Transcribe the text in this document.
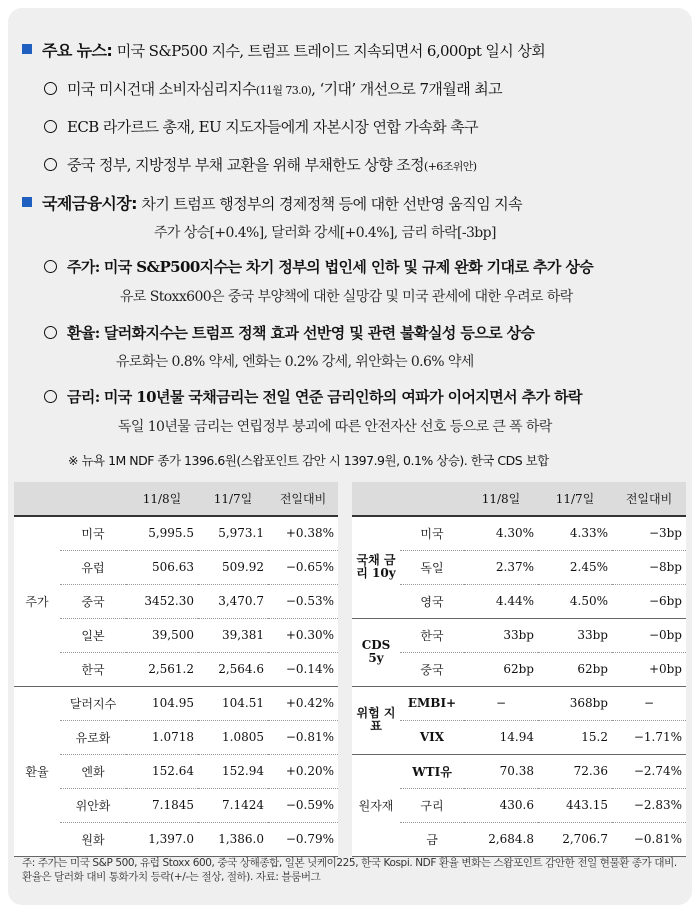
주요 뉴스: 미국 S&P500 지수, 트럼프 트레이드 지속되면서 6,000pt 일시 상회
미국 미시건대 소비자심리지수(11월 73.0), ‘기대’ 개선으로 7개월래 최고
ECB 라가르드 총재, EU 지도자들에게 자본시장 연합 가속화 촉구
중국 정부, 지방정부 부채 교환을 위해 부채한도 상향 조정(+6조위안)
국제금융시장: 차기 트럼프 행정부의 경제정책 등에 대한 선반영 움직임 지속
주가 상승[+0.4%], 달러화 강세[+0.4%], 금리 하락[-3bp]
주가: 미국 S&P500지수는 차기 정부의 법인세 인하 및 규제 완화 기대로 추가 상승
유로 Stoxx600은 중국 부양책에 대한 실망감 및 미국 관세에 대한 우려로 하락
환율: 달러화지수는 트럼프 정책 효과 선반영 및 관련 불확실성 등으로 상승
유로화는 0.8% 약세, 엔화는 0.2% 강세, 위안화는 0.6% 약세
금리: 미국 10년물 국채금리는 전일 연준 금리인하의 여파가 이어지면서 추가 하락
독일 10년물 금리는 연립정부 붕괴에 따른 안전자산 선호 등으로 큰 폭 하락
※ 뉴욕 1M NDF 종가 1396.6원(스왑포인트 감안 시 1397.9원, 0.1% 상승). 한국 CDS 보합
		11/8일	11/7일	전일대비
주가	미국	5,995.5	5,973.1	+0.38%
	유럽	506.63	509.92	−0.65%
	중국	3452.30	3,470.7	−0.53%
	일본	39,500	39,381	+0.30%
	한국	2,561.2	2,564.6	−0.14%
환율	달러지수	104.95	104.51	+0.42%
	유로화	1.0718	1.0805	−0.81%
	엔화	152.64	152.94	+0.20%
	위안화	7.1845	7.1424	−0.59%
	원화	1,397.0	1,386.0	−0.79%
		11/8일	11/7일	전일대비
국채 금리 10y	미국	4.30%	4.33%	−3bp
	독일	2.37%	2.45%	−8bp
	영국	4.44%	4.50%	−6bp
CDS 5y	한국	33bp	33bp	−0bp
	중국	62bp	62bp	+0bp
위험 지표	EMBI+	−	368bp	−
	VIX	14.94	15.2	−1.71%
원자재	WTI유	70.38	72.36	−2.74%
	구리	430.6	443.15	−2.83%
	금	2,684.8	2,706.7	−0.81%
주: 주가는 미국 S&P 500, 유럽 Stoxx 600, 중국 상해종합, 일본 닛케이225, 한국 Kospi. NDF 환율 변화는 스왑포인트 감안한 전일 현물환 종가 대비. 환율은 달러화 대비 통화가치 등락(+/-는 절상, 절하). 자료: 블룸버그
